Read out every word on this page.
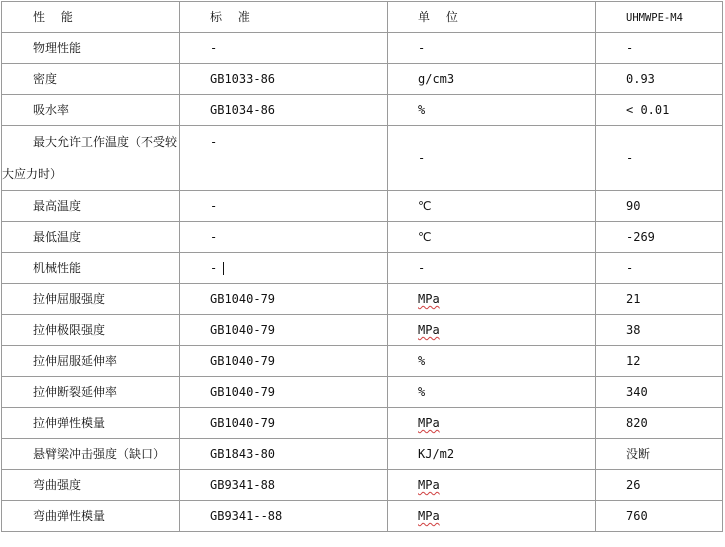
性 能	标 准	单 位	UHMWPE-M4
物理性能	-	-	-
密度	GB1033-86	g/cm3	0.93
吸水率	GB1034-86	%	< 0.01

最大允许工作温度（不受较
大应力时）	-	-	-
最高温度	-	℃	90
最低温度	-	℃	-269
机械性能	-	-	-
拉伸屈服强度	GB1040-79	MPa	21
拉伸极限强度	GB1040-79	MPa	38
拉伸屈服延伸率	GB1040-79	%	12
拉伸断裂延伸率	GB1040-79	%	340
拉伸弹性模量	GB1040-79	MPa	820
悬臂梁冲击强度（缺口）	GB1843-80	KJ/m2	没断
弯曲强度	GB9341-88	MPa	26
弯曲弹性模量	GB9341--88	MPa	760
